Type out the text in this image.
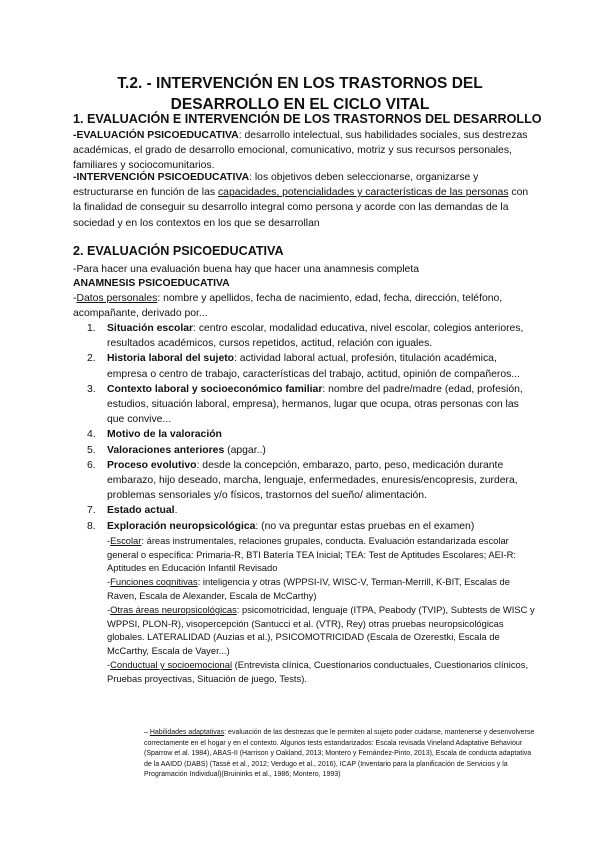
T.2. - INTERVENCIÓN EN LOS TRASTORNOS DEL
DESARROLLO EN EL CICLO VITAL
1. EVALUACIÓN E INTERVENCIÓN DE LOS TRASTORNOS DEL DESARROLLO

-EVALUACIÓN PSICOEDUCATIVA: desarrollo intelectual, sus habilidades sociales, sus destrezas académicas, el grado de desarrollo emocional, comunicativo, motriz y sus recursos personales, familiares y sociocomunitarios.

-INTERVENCIÓN PSICOEDUCATIVA: los objetivos deben seleccionarse, organizarse y estructurarse en función de las capacidades, potencialidades y características de las personas con la finalidad de conseguir su desarrollo integral como persona y acorde con las demandas de la sociedad y en los contextos en los que se desarrollan

2. EVALUACIÓN PSICOEDUCATIVA

-Para hacer una evaluación buena hay que hacer una anamnesis completa

ANAMNESIS PSICOEDUCATIVA

-Datos personales: nombre y apellidos, fecha de nacimiento, edad, fecha, dirección, teléfono, acompañante, derivado por...

1. Situación escolar: centro escolar, modalidad educativa, nivel escolar, colegios anteriores, resultados académicos, cursos repetidos, actitud, relación con iguales.
2. Historia laboral del sujeto: actividad laboral actual, profesión, titulación académica, empresa o centro de trabajo, características del trabajo, actitud, opinión de compañeros...
3. Contexto laboral y socioeconómico familiar: nombre del padre/madre (edad, profesión, estudios, situación laboral, empresa), hermanos, lugar que ocupa, otras personas con las que convive...
4. Motivo de la valoración
5. Valoraciones anteriores (apgar..)
6. Proceso evolutivo: desde la concepción, embarazo, parto, peso, medicación durante embarazo, hijo deseado, marcha, lenguaje, enfermedades, enuresis/encopresis, zurdera, problemas sensoriales y/o físicos, trastornos del sueño/ alimentación.
7. Estado actual.
8. Exploración neuropsicológica: (no va preguntar estas pruebas en el examen)

-Escolar: áreas instrumentales, relaciones grupales, conducta. Evaluación estandarizada escolar general o específica: Primaria-R, BTI Batería TEA Inicial; TEA: Test de Aptitudes Escolares; AEI-R: Aptitudes en Educación Infantil Revisado

-Funciones cognitivas: inteligencia y otras (WPPSI-IV, WISC-V, Terman-Merrill, K-BIT, Escalas de Raven, Escala de Alexander, Escala de McCarthy)

-Otras áreas neuropsicológicas: psicomotricidad, lenguaje (ITPA, Peabody (TVIP), Subtests de WISC y WPPSI, PLON-R), visopercepción (Santucci et al. (VTR), Rey) otras pruebas neuropsicológicas globales. LATERALIDAD (Auzias et al.), PSICOMOTRICIDAD (Escala de Ozerestki, Escala de McCarthy, Escala de Vayer...)

-Conductual y socioemocional (Entrevista clínica, Cuestionarios conductuales, Cuestionarios clínicos, Pruebas proyectivas, Situación de juego, Tests).

– Habilidades adaptativas: evaluación de las destrezas que le permiten al sujeto poder cuidarse, mantenerse y desenvolverse correctamente en el hogar y en el contexto. Algunos tests estandarizados: Escala revisada Vineland Adaptative Behaviour (Sparrow et al. 1984), ABAS-II (Harrison y Oakland, 2013; Montero y Fernández-Pinto, 2013), Escala de conducta adaptativa de la AAIDD (DABS) (Tassé et al., 2012; Verdugo et al., 2016), ICAP (Inventario para la planificación de Servicios y la Programación Individual)(Bruininks et al., 1986; Montero, 1993)
